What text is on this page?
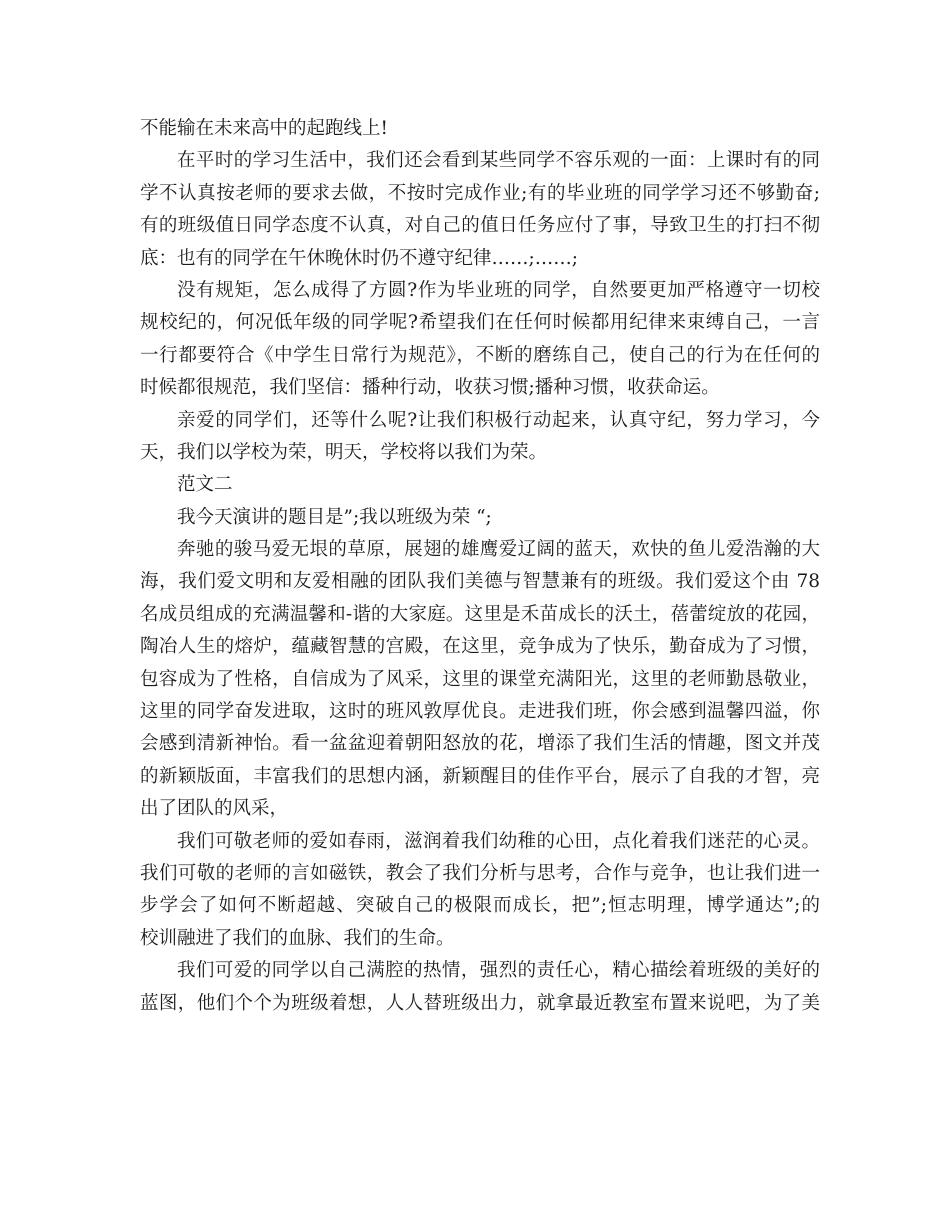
不能输在未来高中的起跑线上!
在平时的学习生活中，我们还会看到某些同学不容乐观的一面：上课时有的同
学不认真按老师的要求去做，不按时完成作业;有的毕业班的同学学习还不够勤奋;
有的班级值日同学态度不认真，对自己的值日任务应付了事，导致卫生的打扫不彻
底：也有的同学在午休晚休时仍不遵守纪律……;……;
没有规矩，怎么成得了方圆?作为毕业班的同学，自然要更加严格遵守一切校
规校纪的，何况低年级的同学呢?希望我们在任何时候都用纪律来束缚自己，一言
一行都要符合《中学生日常行为规范》，不断的磨练自己，使自己的行为在任何的
时候都很规范，我们坚信：播种行动，收获习惯;播种习惯，收获命运。
亲爱的同学们，还等什么呢?让我们积极行动起来，认真守纪，努力学习，今
天，我们以学校为荣，明天，学校将以我们为荣。
范文二
我今天演讲的题目是”;我以班级为荣 “;
奔驰的骏马爱无垠的草原，展翅的雄鹰爱辽阔的蓝天，欢快的鱼儿爱浩瀚的大
海，我们爱文明和友爱相融的团队我们美德与智慧兼有的班级。我们爱这个由 78
名成员组成的充满温馨和-谐的大家庭。这里是禾苗成长的沃土，蓓蕾绽放的花园，
陶冶人生的熔炉，蕴藏智慧的宫殿，在这里，竞争成为了快乐，勤奋成为了习惯，
包容成为了性格，自信成为了风采，这里的课堂充满阳光，这里的老师勤恳敬业，
这里的同学奋发进取，这时的班风敦厚优良。走进我们班，你会感到温馨四溢，你
会感到清新神怡。看一盆盆迎着朝阳怒放的花，增添了我们生活的情趣，图文并茂
的新颖版面，丰富我们的思想内涵，新颖醒目的佳作平台，展示了自我的才智，亮
出了团队的风采，
我们可敬老师的爱如春雨，滋润着我们幼稚的心田，点化着我们迷茫的心灵。
我们可敬的老师的言如磁铁，教会了我们分析与思考，合作与竞争，也让我们进一
步学会了如何不断超越、突破自己的极限而成长，把”;恒志明理，博学通达”;的
校训融进了我们的血脉、我们的生命。
我们可爱的同学以自己满腔的热情，强烈的责任心，精心描绘着班级的美好的
蓝图，他们个个为班级着想，人人替班级出力，就拿最近教室布置来说吧，为了美
